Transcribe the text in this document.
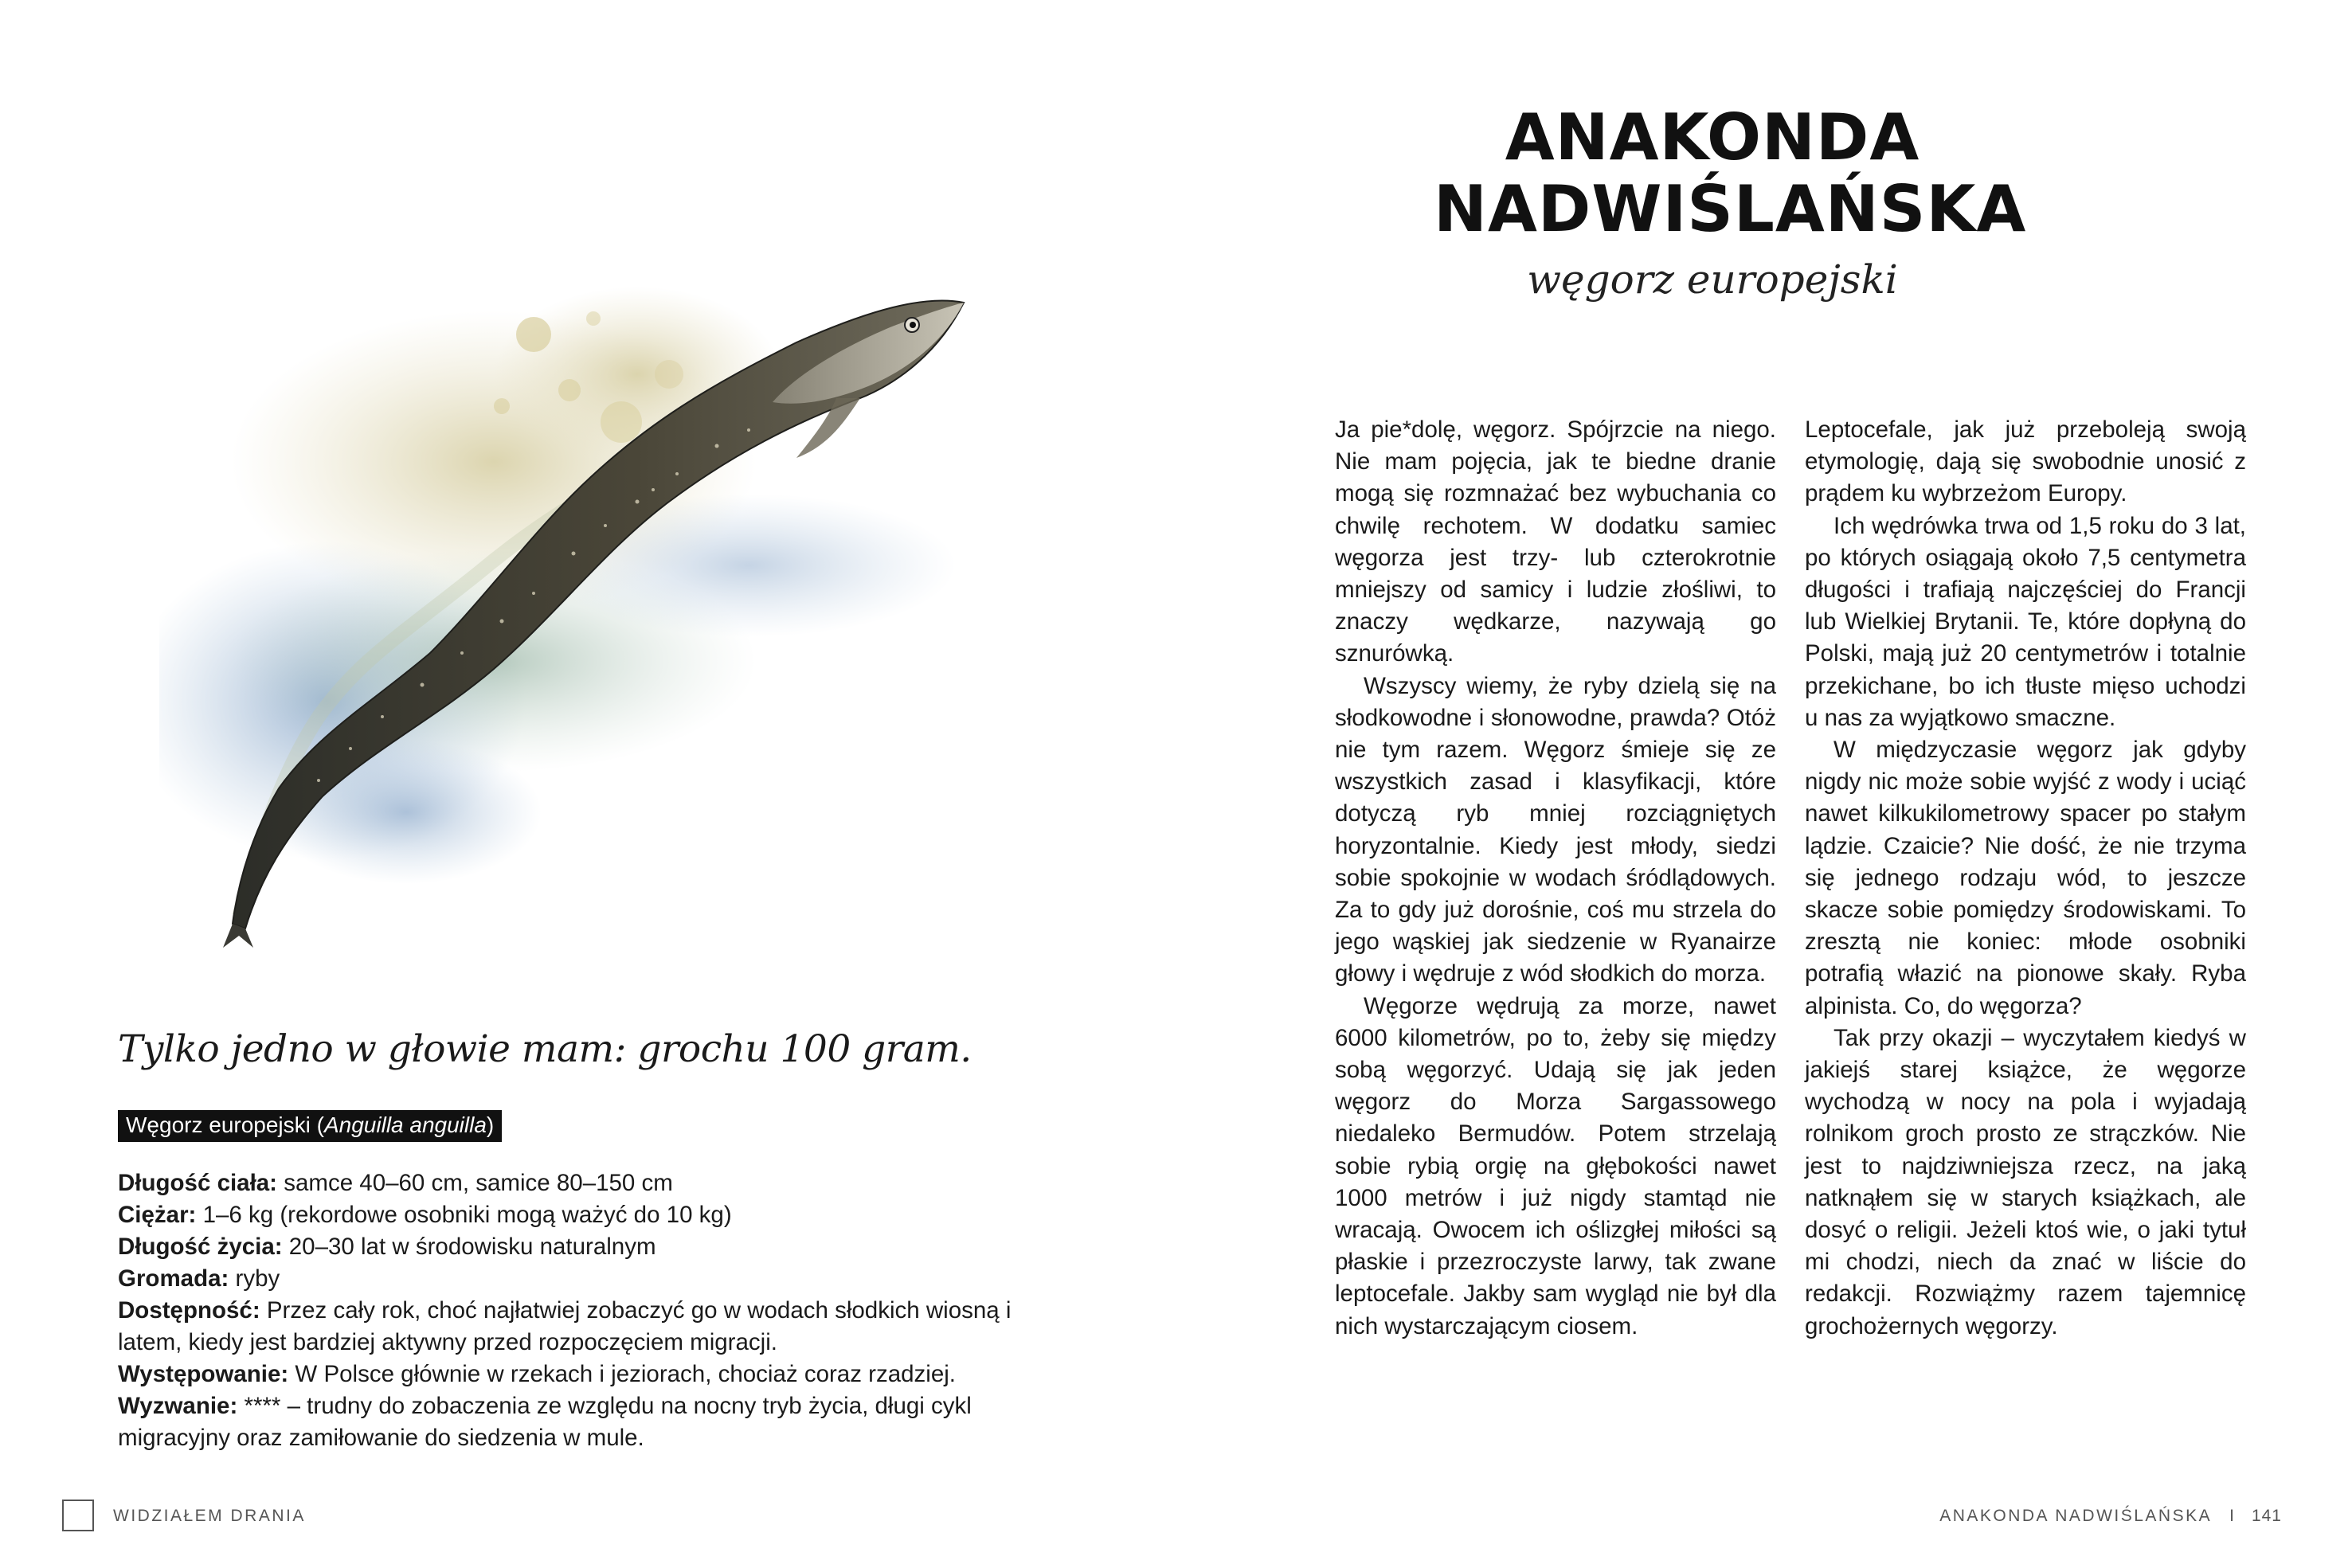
Tylko jedno w głowie mam: grochu 100 gram.
Węgorz europejski (Anguilla anguilla)

Długość ciała: samce 40–60 cm, samice 80–150 cm

Ciężar: 1–6 kg (rekordowe osobniki mogą ważyć do 10 kg)

Długość życia: 20–30 lat w środowisku naturalnym

Gromada: ryby

Dostępność: Przez cały rok, choć najłatwiej zobaczyć go w wodach słodkich wiosną i latem, kiedy jest bardziej aktywny przed rozpoczęciem migracji.

Występowanie: W Polsce głównie w rzekach i jeziorach, chociaż coraz rzadziej.

Wyzwanie: **** – trudny do zobaczenia ze względu na nocny tryb życia, długi cykl migracyjny oraz zamiłowanie do siedzenia w mule.

WIDZIAŁEM DRANIA
ANAKONDA
NADWIŚLAŃSKA
węgorz europejski

Ja pie*dolę, węgorz. Spójrzcie na niego. Nie mam pojęcia, jak te biedne dranie mogą się rozmnażać bez wybuchania co chwilę rechotem. W dodatku samiec węgorza jest trzy- lub czterokrotnie mniejszy od samicy i ludzie złośliwi, to znaczy wędkarze, nazywają go sznurówką.

Wszyscy wiemy, że ryby dzielą się na słodkowodne i słonowodne, prawda? Otóż nie tym razem. Węgorz śmieje się ze wszystkich zasad i klasyfikacji, które dotyczą ryb mniej rozciągniętych horyzontalnie. Kiedy jest młody, siedzi sobie spokojnie w wodach śródlądowych. Za to gdy już dorośnie, coś mu strzela do jego wąskiej jak siedzenie w Ryanairze głowy i wędruje z wód słodkich do morza.

Węgorze wędrują za morze, nawet 6000 kilometrów, po to, żeby się między sobą węgorzyć. Udają się jak jeden węgorz do Morza Sargassowego niedaleko Bermudów. Potem strzelają sobie rybią orgię na głębokości nawet 1000 metrów i już nigdy stamtąd nie wracają. Owocem ich oślizgłej miłości są płaskie i przezroczyste larwy, tak zwane leptocefale. Jakby sam wygląd nie był dla nich wystarczającym ciosem.

Leptocefale, jak już przeboleją swoją etymologię, dają się swobodnie unosić z prądem ku wybrzeżom Europy.

Ich wędrówka trwa od 1,5 roku do 3 lat, po których osiągają około 7,5 centymetra długości i trafiają najczęściej do Francji lub Wielkiej Brytanii. Te, które dopłyną do Polski, mają już 20 centymetrów i totalnie przekichane, bo ich tłuste mięso uchodzi u nas za wyjątkowo smaczne.

W międzyczasie węgorz jak gdyby nigdy nic może sobie wyjść z wody i uciąć nawet kilkukilometrowy spacer po stałym lądzie. Czaicie? Nie dość, że nie trzyma się jednego rodzaju wód, to jeszcze skacze sobie pomiędzy środowiskami. To zresztą nie koniec: młode osobniki potrafią włazić na pionowe skały. Ryba alpinista. Co, do węgorza?

Tak przy okazji – wyczytałem kiedyś w jakiejś starej książce, że węgorze wychodzą w nocy na pola i wyjadają rolnikom groch prosto ze strączków. Nie jest to najdziwniejsza rzecz, na jaką natknąłem się w starych książkach, ale dosyć o religii. Jeżeli ktoś wie, o jaki tytuł mi chodzi, niech da znać w liście do redakcji. Rozwiążmy razem tajemnicę grochożernych węgorzy.

ANAKONDA NADWIŚLAŃSKA I 141
